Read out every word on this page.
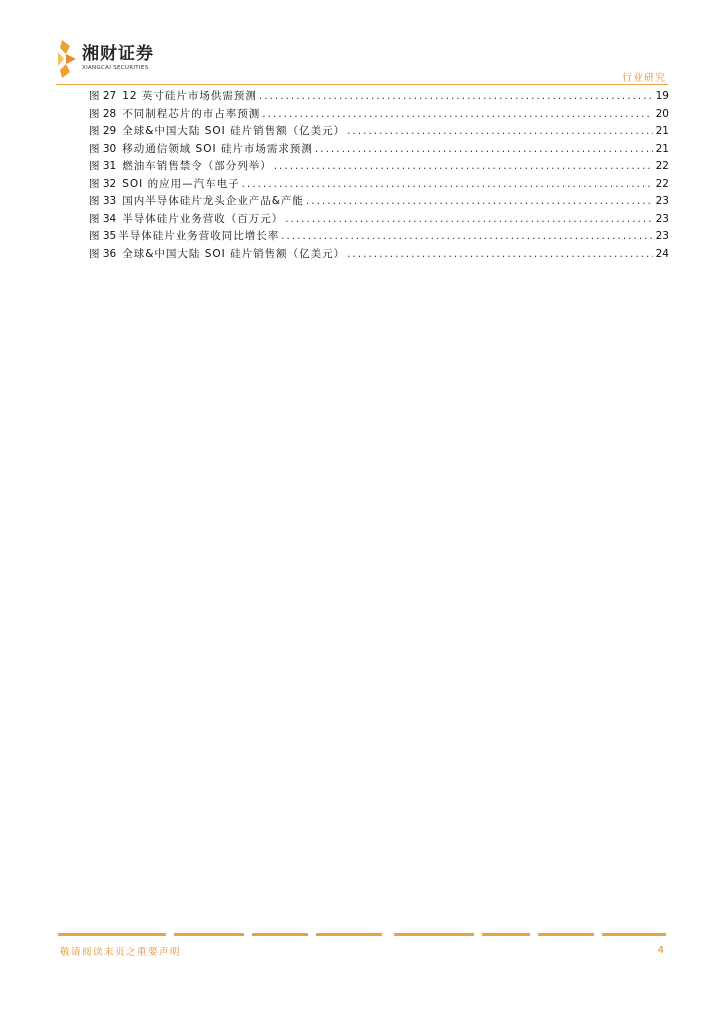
湘财证券
XIANGCAI SECURITIES
行业研究
图 27 12 英寸硅片市场供需预测 .....	19
图 28 不同制程芯片的市占率预测 .....	20
图 29 全球&中国大陆 SOI 硅片销售额（亿美元） .....	21
图 30 移动通信领域 SOI 硅片市场需求预测 .....	21
图 31 燃油车销售禁令（部分列举） .....	22
图 32 SOI 的应用—汽车电子 .....	22
图 33 国内半导体硅片龙头企业产品&产能 .....	23
图 34 半导体硅片业务营收（百万元） .....	23
图 35 半导体硅片业务营收同比增长率 .....	23
图 36 全球&中国大陆 SOI 硅片销售额（亿美元） .....	24
敬请阅读末页之重要声明	4
